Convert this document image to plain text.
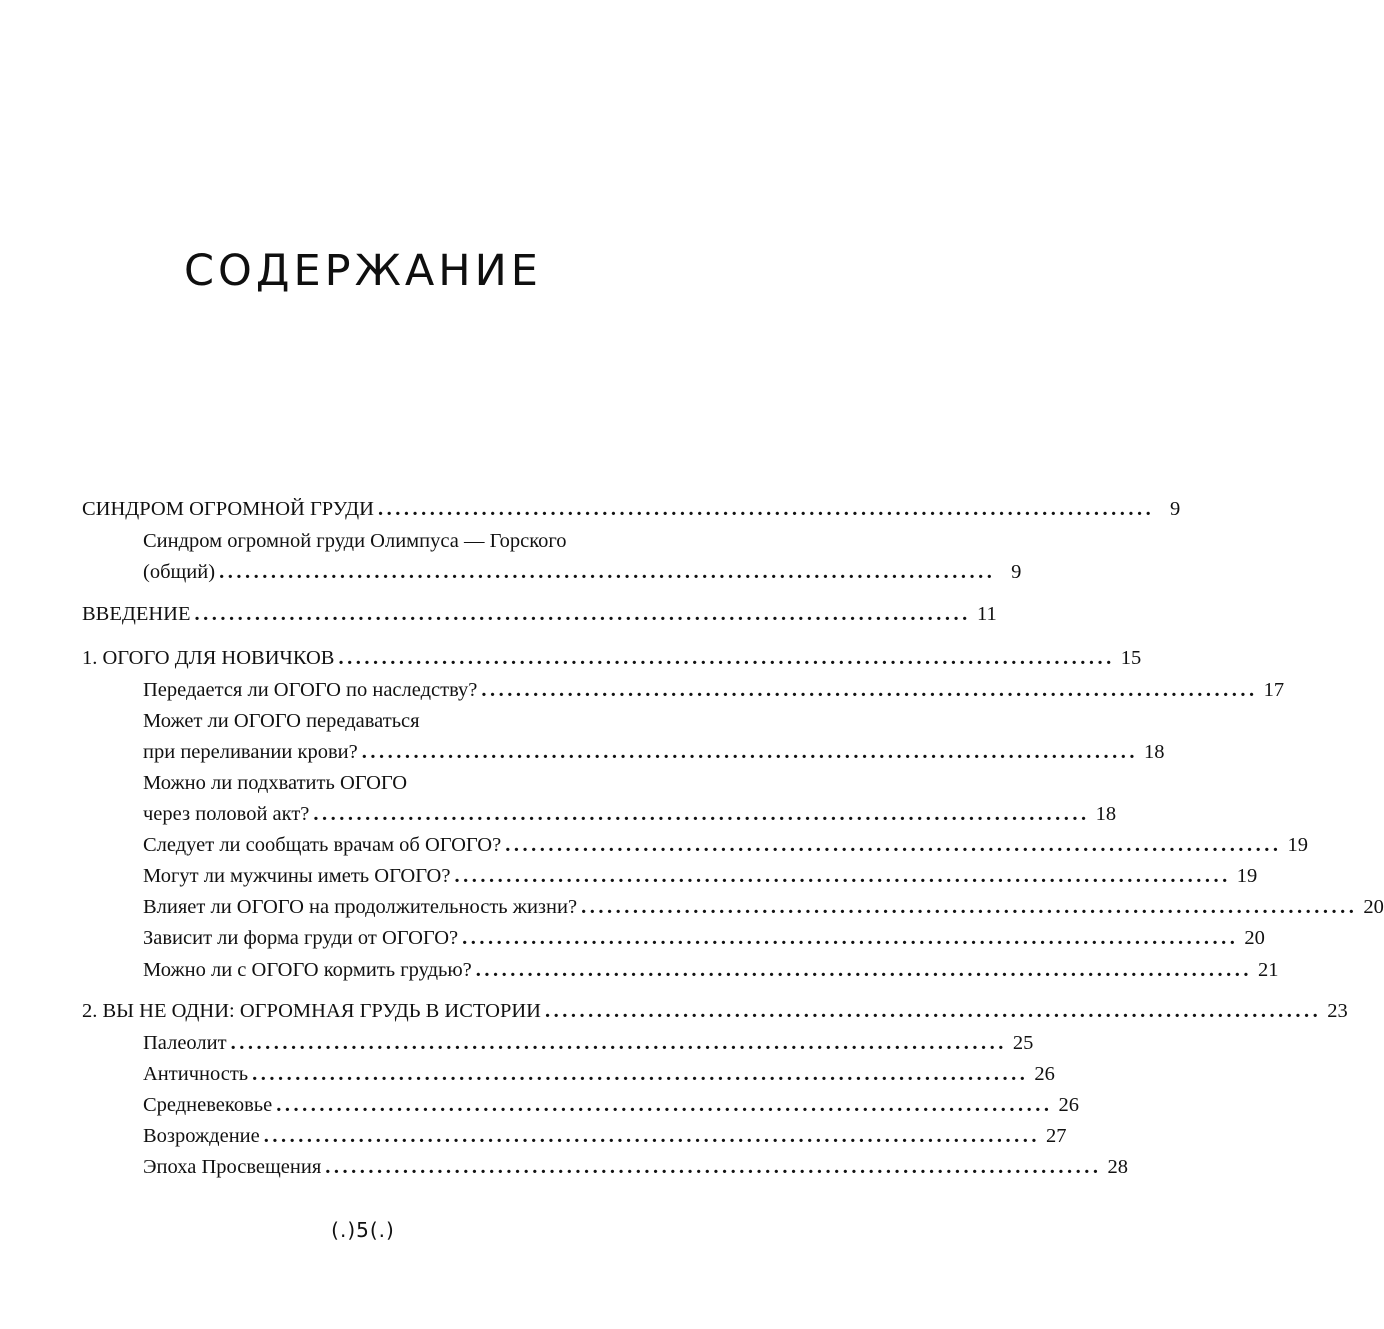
СОДЕРЖАНИЕ
СИНДРОМ ОГРОМНОЙ ГРУДИ .......................................................................................... 9
Синдром огромной груди Олимпуса — Горского
(общий) .......................................................................................... 9
ВВЕДЕНИЕ .......................................................................................... 11
1. ОГОГО ДЛЯ НОВИЧКОВ .......................................................................................... 15
Передается ли ОГОГО по наследству? .......................................................................................... 17
Может ли ОГОГО передаваться
при переливании крови? .......................................................................................... 18
Можно ли подхватить ОГОГО
через половой акт? .......................................................................................... 18
Следует ли сообщать врачам об ОГОГО? .......................................................................................... 19
Могут ли мужчины иметь ОГОГО? .......................................................................................... 19
Влияет ли ОГОГО на продолжительность жизни? .......................................................................................... 20
Зависит ли форма груди от ОГОГО? .......................................................................................... 20
Можно ли с ОГОГО кормить грудью? .......................................................................................... 21
2. ВЫ НЕ ОДНИ: ОГРОМНАЯ ГРУДЬ В ИСТОРИИ .......................................................................................... 23
Палеолит .......................................................................................... 25
Античность .......................................................................................... 26
Средневековье .......................................................................................... 26
Возрождение .......................................................................................... 27
Эпоха Просвещения .......................................................................................... 28
(.)5(.)
